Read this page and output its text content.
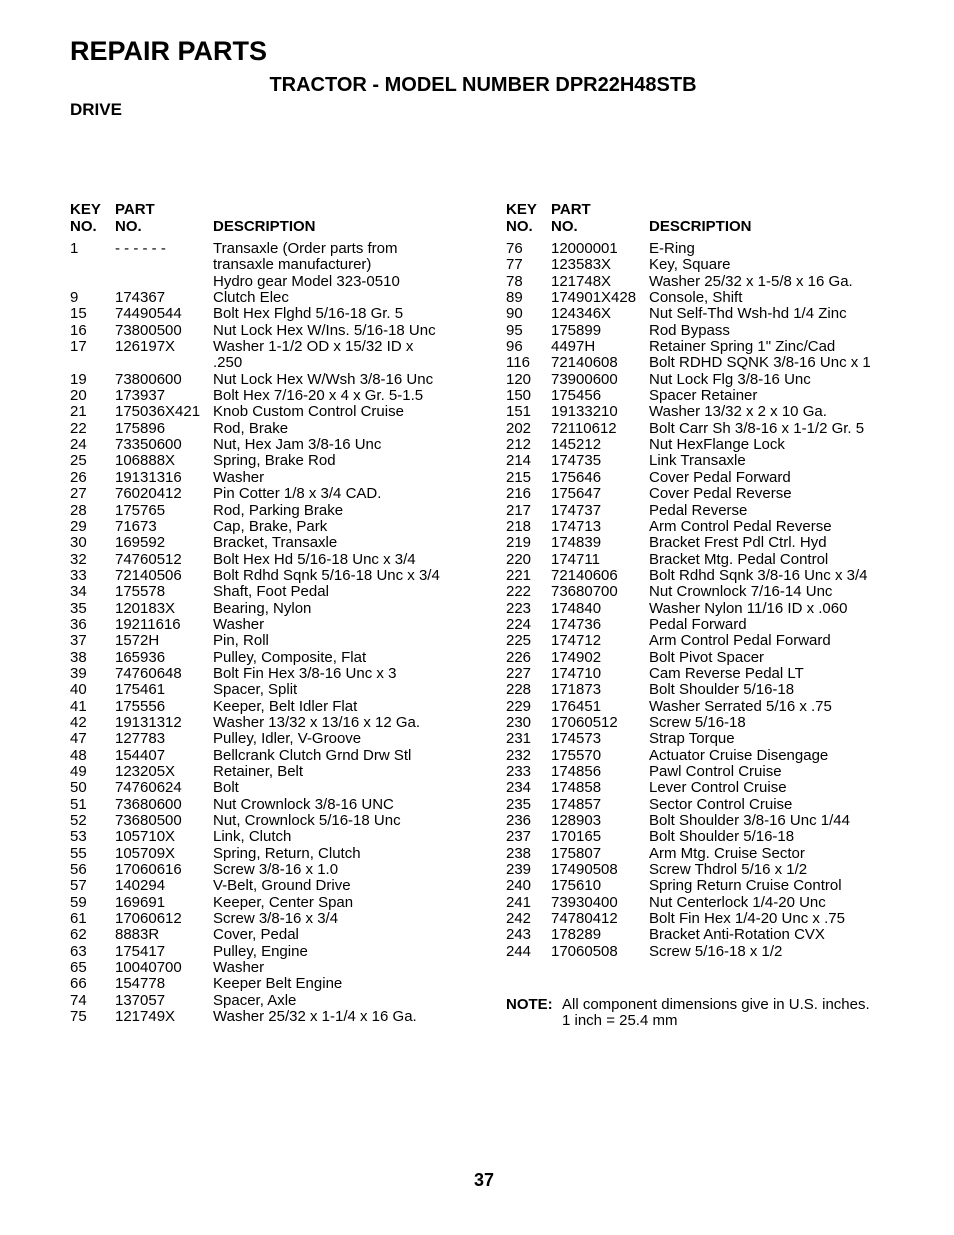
REPAIR PARTS
TRACTOR - MODEL NUMBER DPR22H48STB
DRIVE
KEY
NO.
PART
NO.
	DESCRIPTION
1	- - - - - -	Transaxle (Order parts from
transaxle manufacturer)
Hydro gear Model 323-0510
9	174367	Clutch Elec
15	74490544	Bolt Hex Flghd 5/16-18 Gr. 5
16	73800500	Nut Lock Hex W/Ins. 5/16-18 Unc
17	126197X	Washer 1-1/2 OD x 15/32 ID x
.250
19	73800600	Nut Lock Hex W/Wsh 3/8-16 Unc
20	173937	Bolt Hex 7/16-20 x 4 x Gr. 5-1.5
21	175036X421 Knob Custom Control Cruise
22	175896	Rod, Brake
24	73350600	Nut, Hex Jam 3/8-16 Unc
25	106888X	Spring, Brake Rod
26	19131316	Washer
27	76020412	Pin Cotter 1/8 x 3/4 CAD.
28	175765	Rod, Parking Brake
29	71673	Cap, Brake, Park
30	169592	Bracket, Transaxle
32	74760512	Bolt Hex Hd 5/16-18 Unc x 3/4
33	72140506	Bolt Rdhd Sqnk 5/16-18 Unc x 3/4
34	175578	Shaft, Foot Pedal
35	120183X	Bearing, Nylon
36	19211616	Washer
37	1572H	Pin, Roll
38	165936	Pulley, Composite, Flat
39	74760648	Bolt Fin Hex 3/8-16 Unc x 3
40	175461	Spacer, Split
41	175556	Keeper, Belt Idler Flat
42	19131312	Washer 13/32 x 13/16 x 12 Ga.
47	127783	Pulley, Idler, V-Groove
48	154407	Bellcrank Clutch Grnd Drw Stl
49	123205X	Retainer, Belt
50	74760624	Bolt
51	73680600	Nut Crownlock 3/8-16 UNC
52	73680500	Nut, Crownlock 5/16-18 Unc
53	105710X	Link, Clutch
55	105709X	Spring, Return, Clutch
56	17060616	Screw 3/8-16 x 1.0
57	140294	V-Belt, Ground Drive
59	169691	Keeper, Center Span
61	17060612	Screw 3/8-16 x 3/4
62	8883R	Cover, Pedal
63	175417	Pulley, Engine
65	10040700	Washer
66	154778	Keeper Belt Engine
74	137057	Spacer, Axle
75	121749X	Washer 25/32 x 1-1/4 x 16 Ga.
KEY
NO.
PART
NO.
	DESCRIPTION
76	12000001	E-Ring
77	123583X	Key, Square
78	121748X	Washer 25/32 x 1-5/8 x 16 Ga.
89	174901X428 Console, Shift
90	124346X	Nut Self-Thd Wsh-hd 1/4 Zinc
95	175899	Rod Bypass
96	4497H	Retainer Spring 1" Zinc/Cad
116	72140608	Bolt RDHD SQNK 3/8-16 Unc x 1
120	73900600	Nut Lock Flg 3/8-16 Unc
150	175456	Spacer Retainer
151	19133210	Washer 13/32 x 2 x 10 Ga.
202	72110612	Bolt Carr Sh 3/8-16 x 1-1/2 Gr. 5
212	145212	Nut HexFlange Lock
214	174735	Link Transaxle
215	175646	Cover Pedal Forward
216	175647	Cover Pedal Reverse
217	174737	Pedal Reverse
218	174713	Arm Control Pedal Reverse
219	174839	Bracket Frest Pdl Ctrl. Hyd
220	174711	Bracket Mtg. Pedal Control
221	72140606	Bolt Rdhd Sqnk 3/8-16 Unc x 3/4
222	73680700	Nut Crownlock 7/16-14 Unc
223	174840	Washer Nylon 11/16 ID x .060
224	174736	Pedal Forward
225	174712	Arm Control Pedal Forward
226	174902	Bolt Pivot Spacer
227	174710	Cam Reverse Pedal LT
228	171873	Bolt Shoulder 5/16-18
229	176451	Washer Serrated 5/16 x .75
230	17060512	Screw 5/16-18
231	174573	Strap Torque
232	175570	Actuator Cruise Disengage
233	174856	Pawl Control Cruise
234	174858	Lever Control Cruise
235	174857	Sector Control Cruise
236	128903	Bolt Shoulder 3/8-16 Unc 1/44
237	170165	Bolt Shoulder 5/16-18
238	175807	Arm Mtg. Cruise Sector
239	17490508	Screw Thdrol 5/16 x 1/2
240	175610	Spring Return Cruise Control
241	73930400	Nut Centerlock 1/4-20 Unc
242	74780412	Bolt Fin Hex 1/4-20 Unc x .75
243	178289	Bracket Anti-Rotation CVX
244	17060508	Screw 5/16-18 x 1/2
NOTE: All component dimensions give in U.S. inches.
1 inch = 25.4 mm
37
